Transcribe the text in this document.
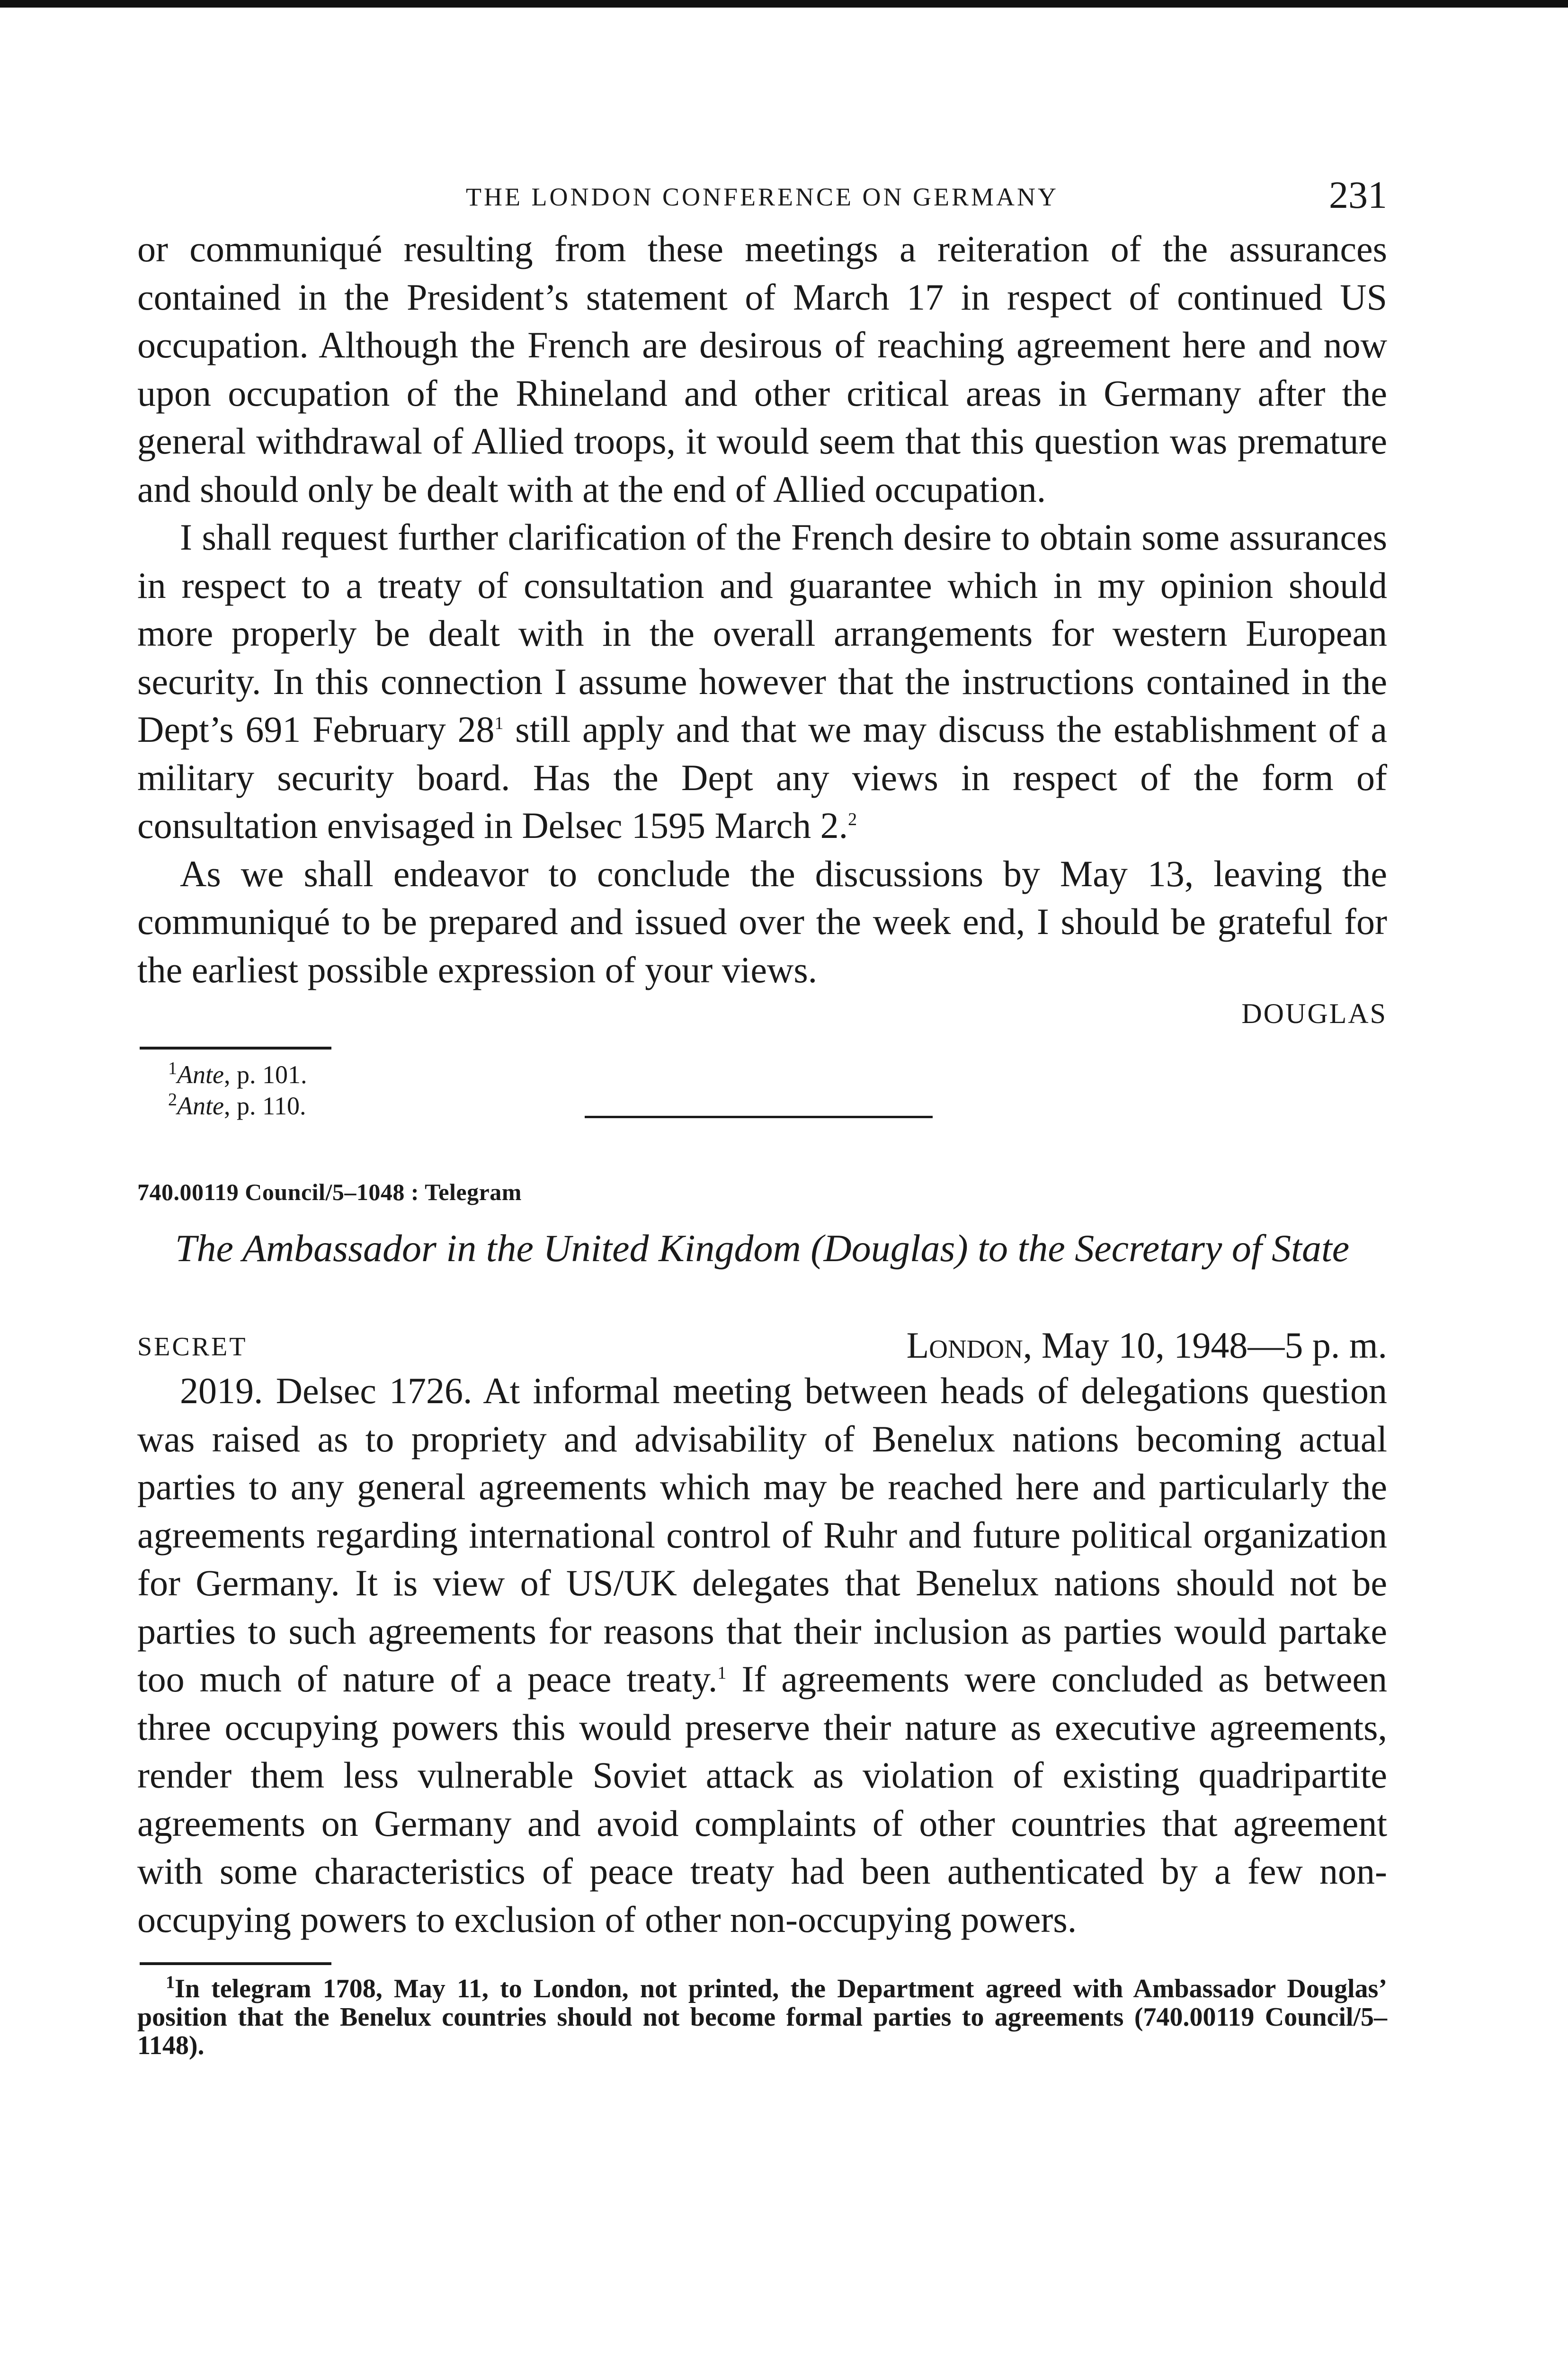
THE LONDON CONFERENCE ON GERMANY	231

or communiqué resulting from these meetings a reiteration of the assurances contained in the President’s statement of March 17 in respect of continued US occupation. Although the French are desirous of reaching agreement here and now upon occupation of the Rhineland and other critical areas in Germany after the general withdrawal of Allied troops, it would seem that this question was premature and should only be dealt with at the end of Allied occupation.

I shall request further clarification of the French desire to obtain some assurances in respect to a treaty of consultation and guarantee which in my opinion should more properly be dealt with in the overall arrangements for western European security. In this connection I assume however that the instructions contained in the Dept’s 691 February $28^1$ still apply and that we may discuss the establishment of a military security board. Has the Dept any views in respect of the form of consultation envisaged in Delsec 1595 March 2.$^2$

As we shall endeavor to conclude the discussions by May 13, leaving the communiqué to be prepared and issued over the week end, I should be grateful for the earliest possible expression of your views.

DOUGLAS
$^1$Ante, p. 101.
$^2$Ante, p. 110.
740.00119 Council/5–1048 : Telegram
The Ambassador in the United Kingdom (Douglas) to the Secretary of State
SECRET	London, May 10, 1948—5 p. m.

2019. Delsec 1726. At informal meeting between heads of delegations question was raised as to propriety and advisability of Benelux nations becoming actual parties to any general agreements which may be reached here and particularly the agreements regarding international control of Ruhr and future political organization for Germany. It is view of US/UK delegates that Benelux nations should not be parties to such agreements for reasons that their inclusion as parties would partake too much of nature of a peace treaty.$^1$ If agreements were concluded as between three occupying powers this would preserve their nature as executive agreements, render them less vulnerable Soviet attack as violation of existing quadripartite agreements on Germany and avoid complaints of other countries that agreement with some characteristics of peace treaty had been authenticated by a few non-occupying powers to exclusion of other non-occupying powers.

$^1$In telegram 1708, May 11, to London, not printed, the Department agreed with Ambassador Douglas’ position that the Benelux countries should not become formal parties to agreements (740.00119 Council/5–1148).
